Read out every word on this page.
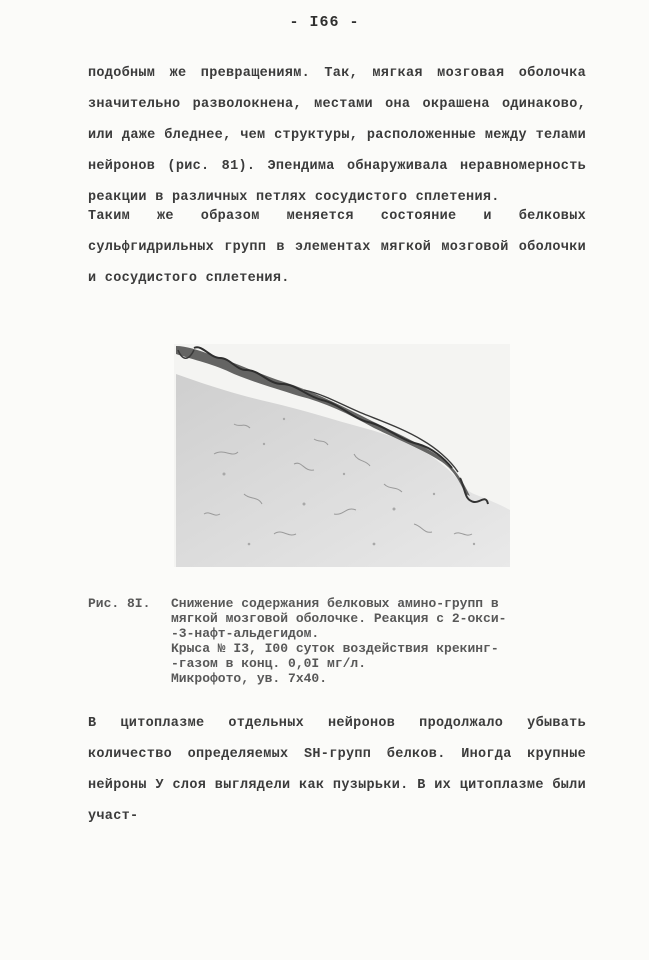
- I66 -

подобным же превращениям. Так, мягкая мозговая оболочка значительно разволокнена, местами она окрашена одинаково, или даже бледнее, чем структуры, расположенные между телами нейронов (рис. 81). Эпендима обнаруживала неравномерность реакции в различных петлях сосудистого сплетения.

Таким же образом меняется состояние и белковых сульфгидрильных групп в элементах мягкой мозговой оболочки и сосудистого сплетения.

Рис. 8I.	Снижение содержания белковых амино-групп в
мягкой мозговой оболочке. Реакция с 2-окси-
-3-нафт-альдегидом.
Крыса № I3, I00 суток воздействия крекинг-
-газом в конц. 0,0I мг/л.
Микрофото, ув. 7х40.

В цитоплазме отдельных нейронов продолжало убывать количество определяемых SH-групп белков. Иногда крупные нейроны У слоя выглядели как пузырьки. В их цитоплазме были участ-
